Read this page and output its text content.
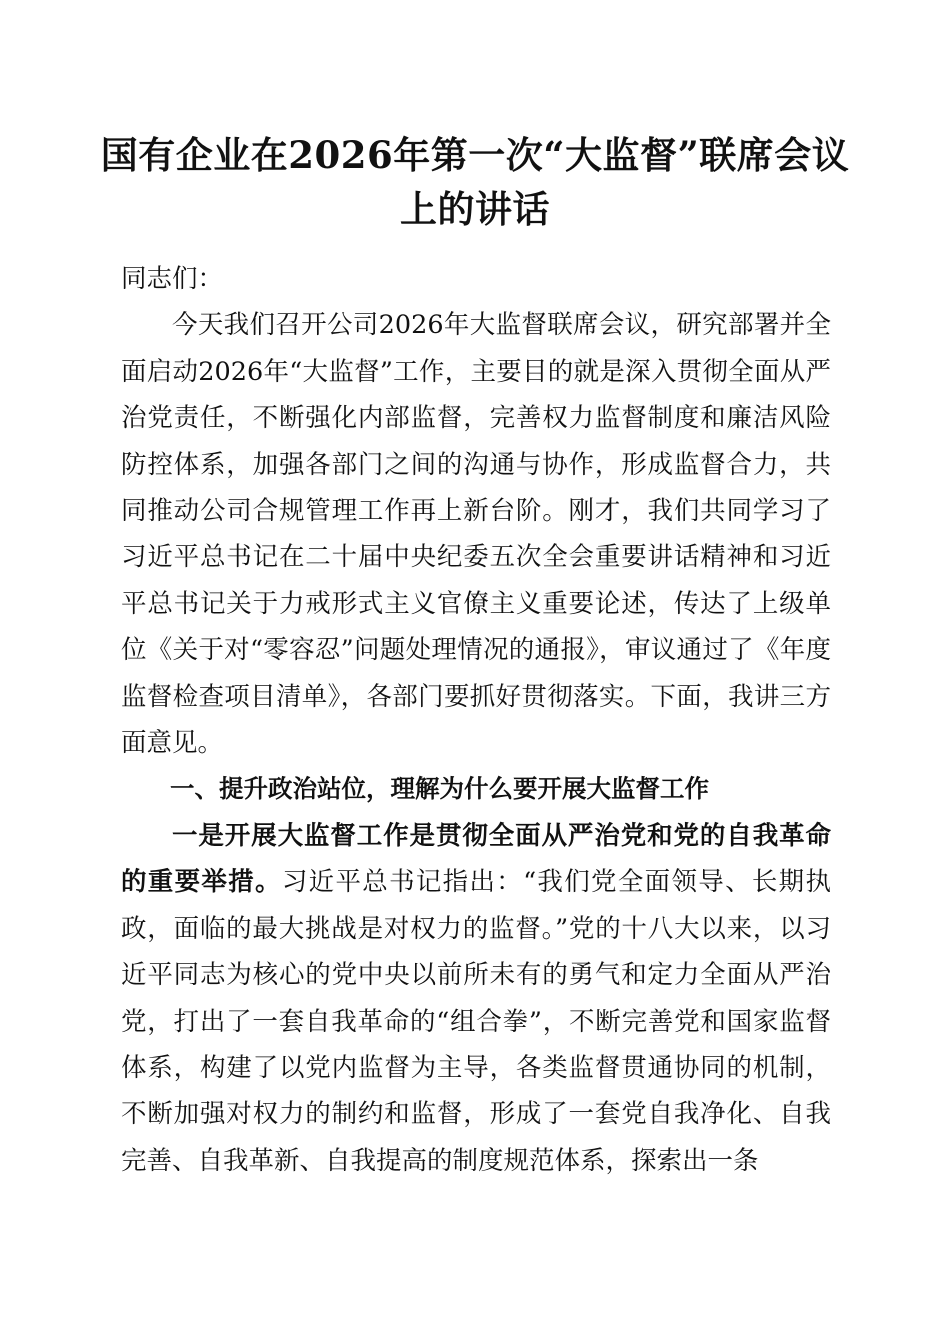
国有企业在2026年第一次“大监督”联席会议上的讲话

同志们：

今天我们召开公司2026年大监督联席会议，研究部署并全面启动2026年“大监督”工作，主要目的就是深入贯彻全面从严治党责任，不断强化内部监督，完善权力监督制度和廉洁风险防控体系，加强各部门之间的沟通与协作，形成监督合力，共同推动公司合规管理工作再上新台阶。刚才，我们共同学习了习近平总书记在二十届中央纪委五次全会重要讲话精神和习近平总书记关于力戒形式主义官僚主义重要论述，传达了上级单位《关于对“零容忍”问题处理情况的通报》，审议通过了《年度监督检查项目清单》，各部门要抓好贯彻落实。下面，我讲三方面意见。

一、提升政治站位，理解为什么要开展大监督工作

一是开展大监督工作是贯彻全面从严治党和党的自我革命的重要举措。习近平总书记指出：“我们党全面领导、长期执政，面临的最大挑战是对权力的监督。”党的十八大以来，以习近平同志为核心的党中央以前所未有的勇气和定力全面从严治党，打出了一套自我革命的“组合拳”，不断完善党和国家监督体系，构建了以党内监督为主导，各类监督贯通协同的机制，不断加强对权力的制约和监督，形成了一套党自我净化、自我完善、自我革新、自我提高的制度规范体系，探索出一条
